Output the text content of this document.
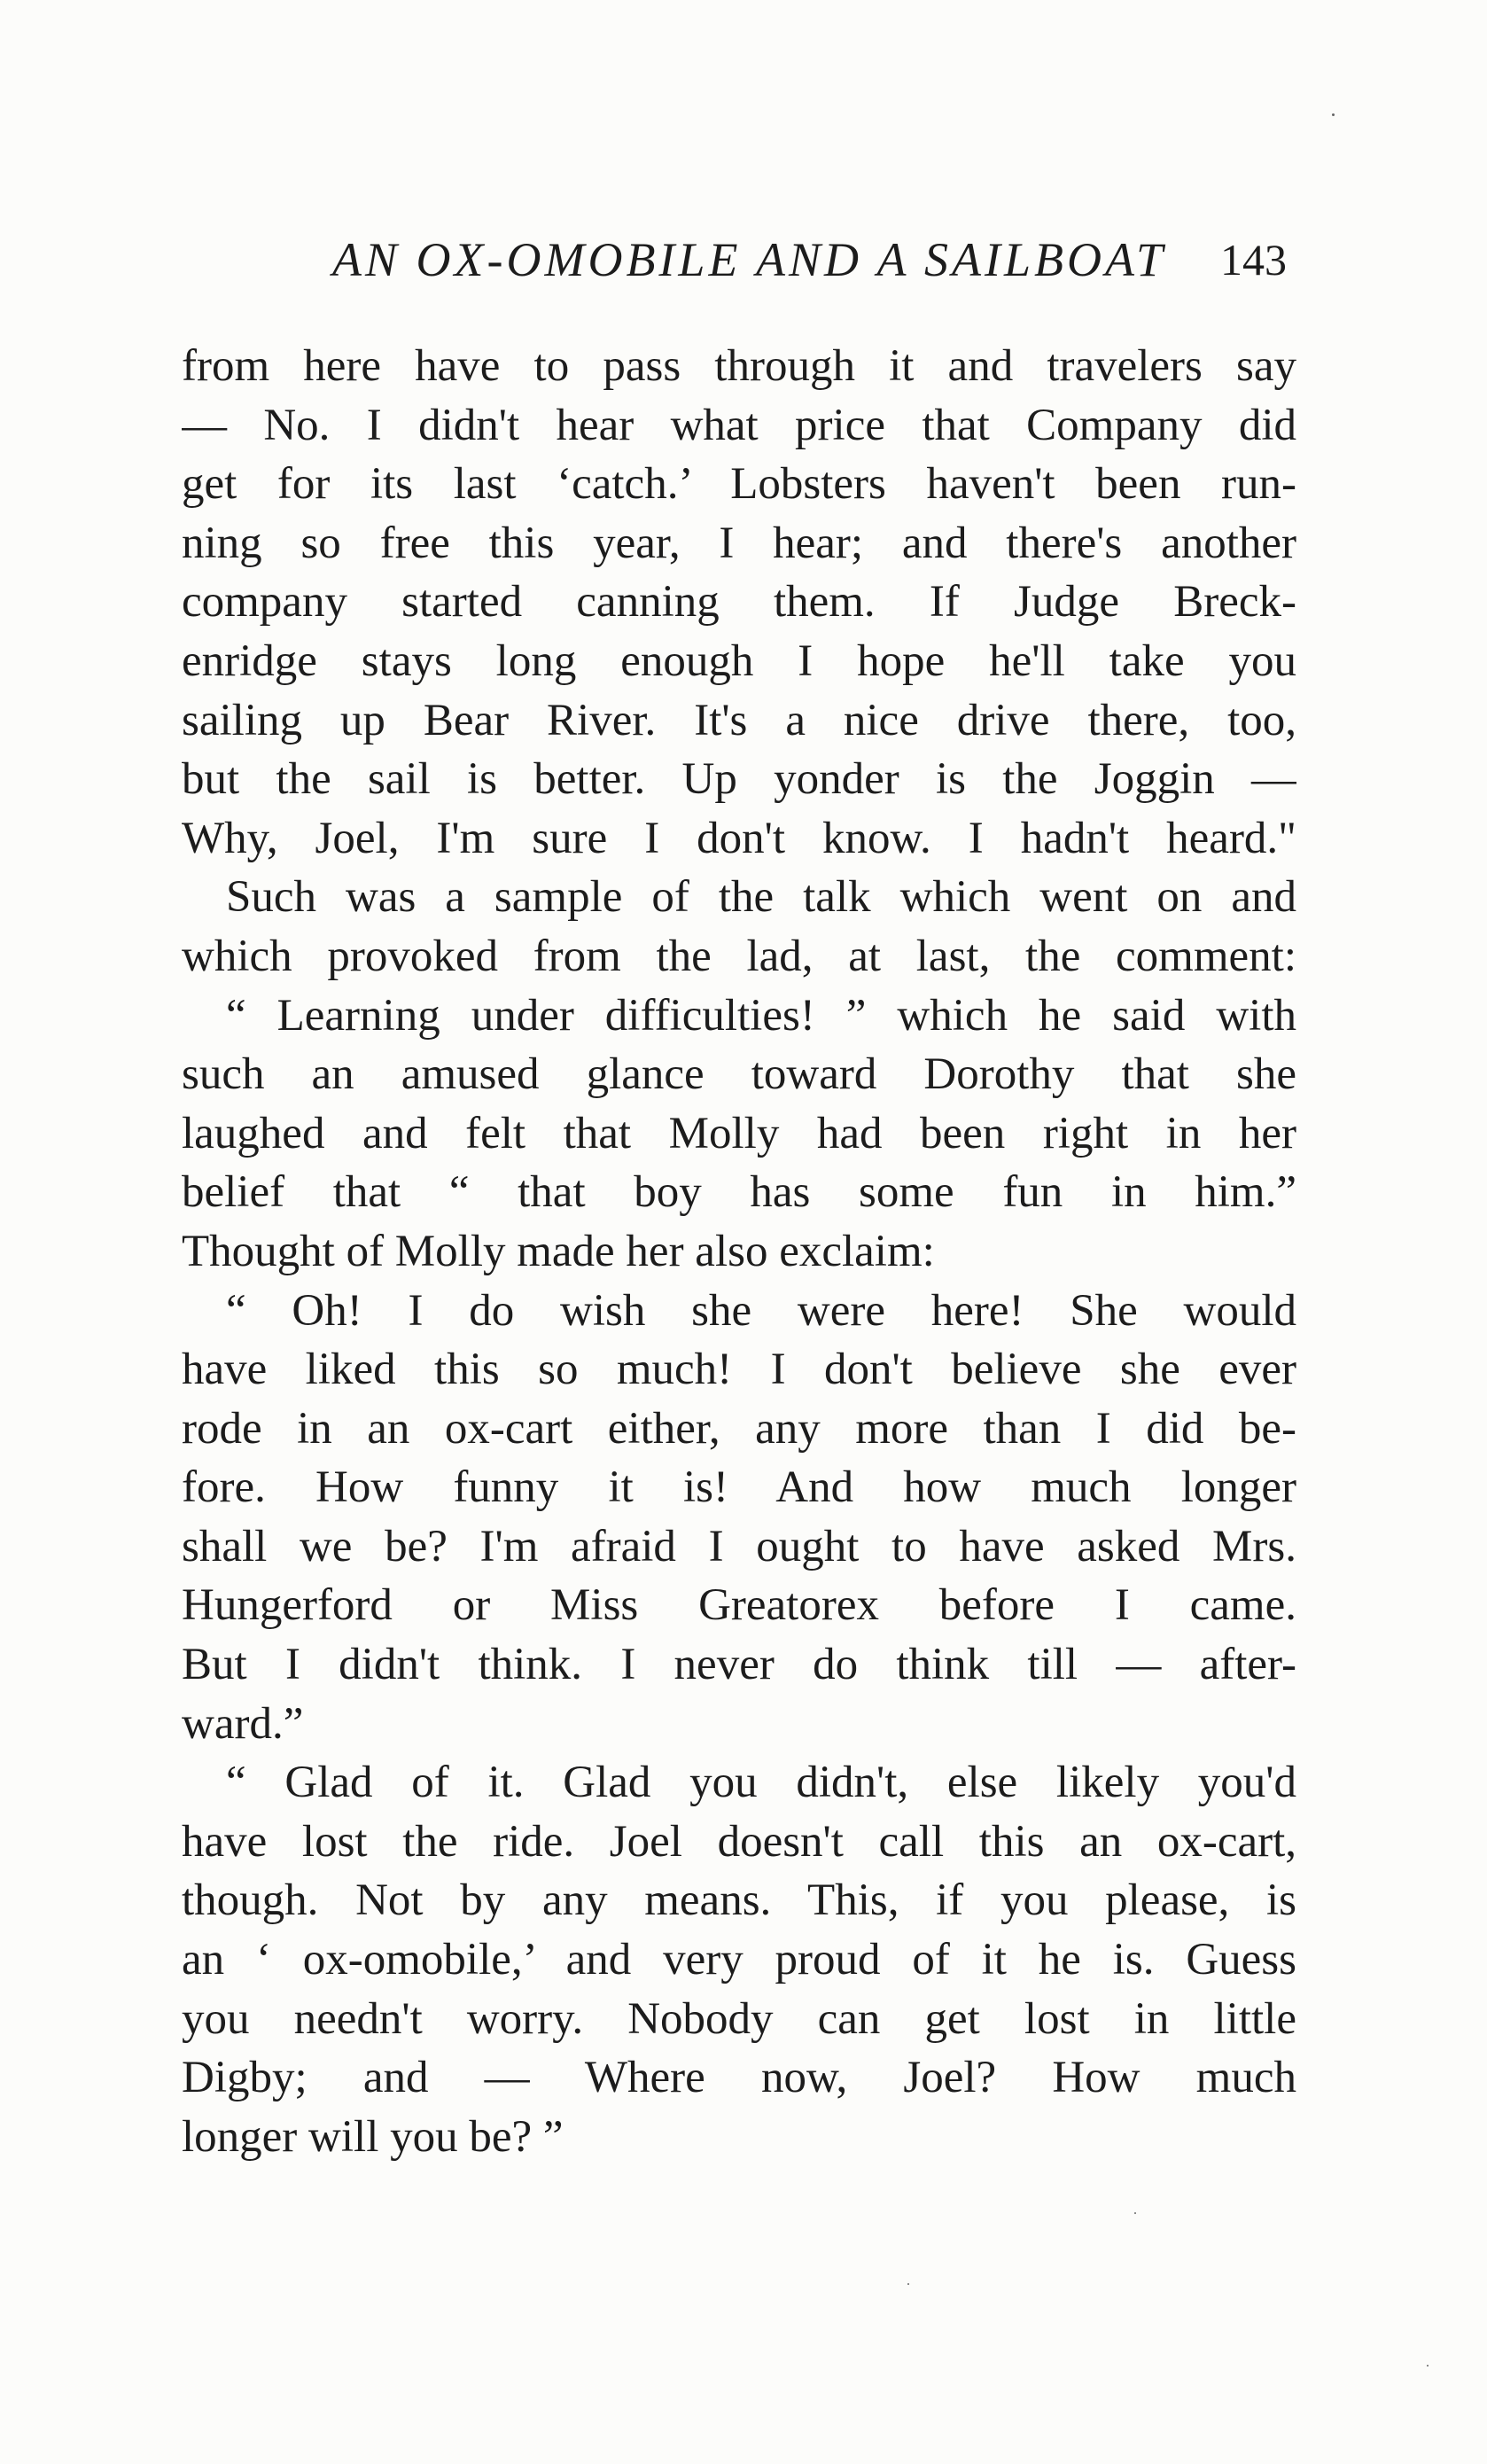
AN OX-OMOBILE AND A SAILBOAT 143
from here have to pass through it and travelers say
— No. I didn't hear what price that Company did
get for its last ‘catch.’ Lobsters haven't been run-
ning so free this year, I hear; and there's another
company started canning them. If Judge Breck-
enridge stays long enough I hope he'll take you
sailing up Bear River. It's a nice drive there, too,
but the sail is better. Up yonder is the Joggin —
Why, Joel, I'm sure I don't know. I hadn't heard."
Such was a sample of the talk which went on and
which provoked from the lad, at last, the comment:
“ Learning under difficulties! ” which he said with
such an amused glance toward Dorothy that she
laughed and felt that Molly had been right in her
belief that “ that boy has some fun in him.”
Thought of Molly made her also exclaim:
“ Oh! I do wish she were here! She would
have liked this so much! I don't believe she ever
rode in an ox-cart either, any more than I did be-
fore. How funny it is! And how much longer
shall we be? I'm afraid I ought to have asked Mrs.
Hungerford or Miss Greatorex before I came.
But I didn't think. I never do think till — after-
ward.”
“ Glad of it. Glad you didn't, else likely you'd
have lost the ride. Joel doesn't call this an ox-cart,
though. Not by any means. This, if you please, is
an ‘ ox-omobile,’ and very proud of it he is. Guess
you needn't worry. Nobody can get lost in little
Digby; and — Where now, Joel? How much
longer will you be? ”
